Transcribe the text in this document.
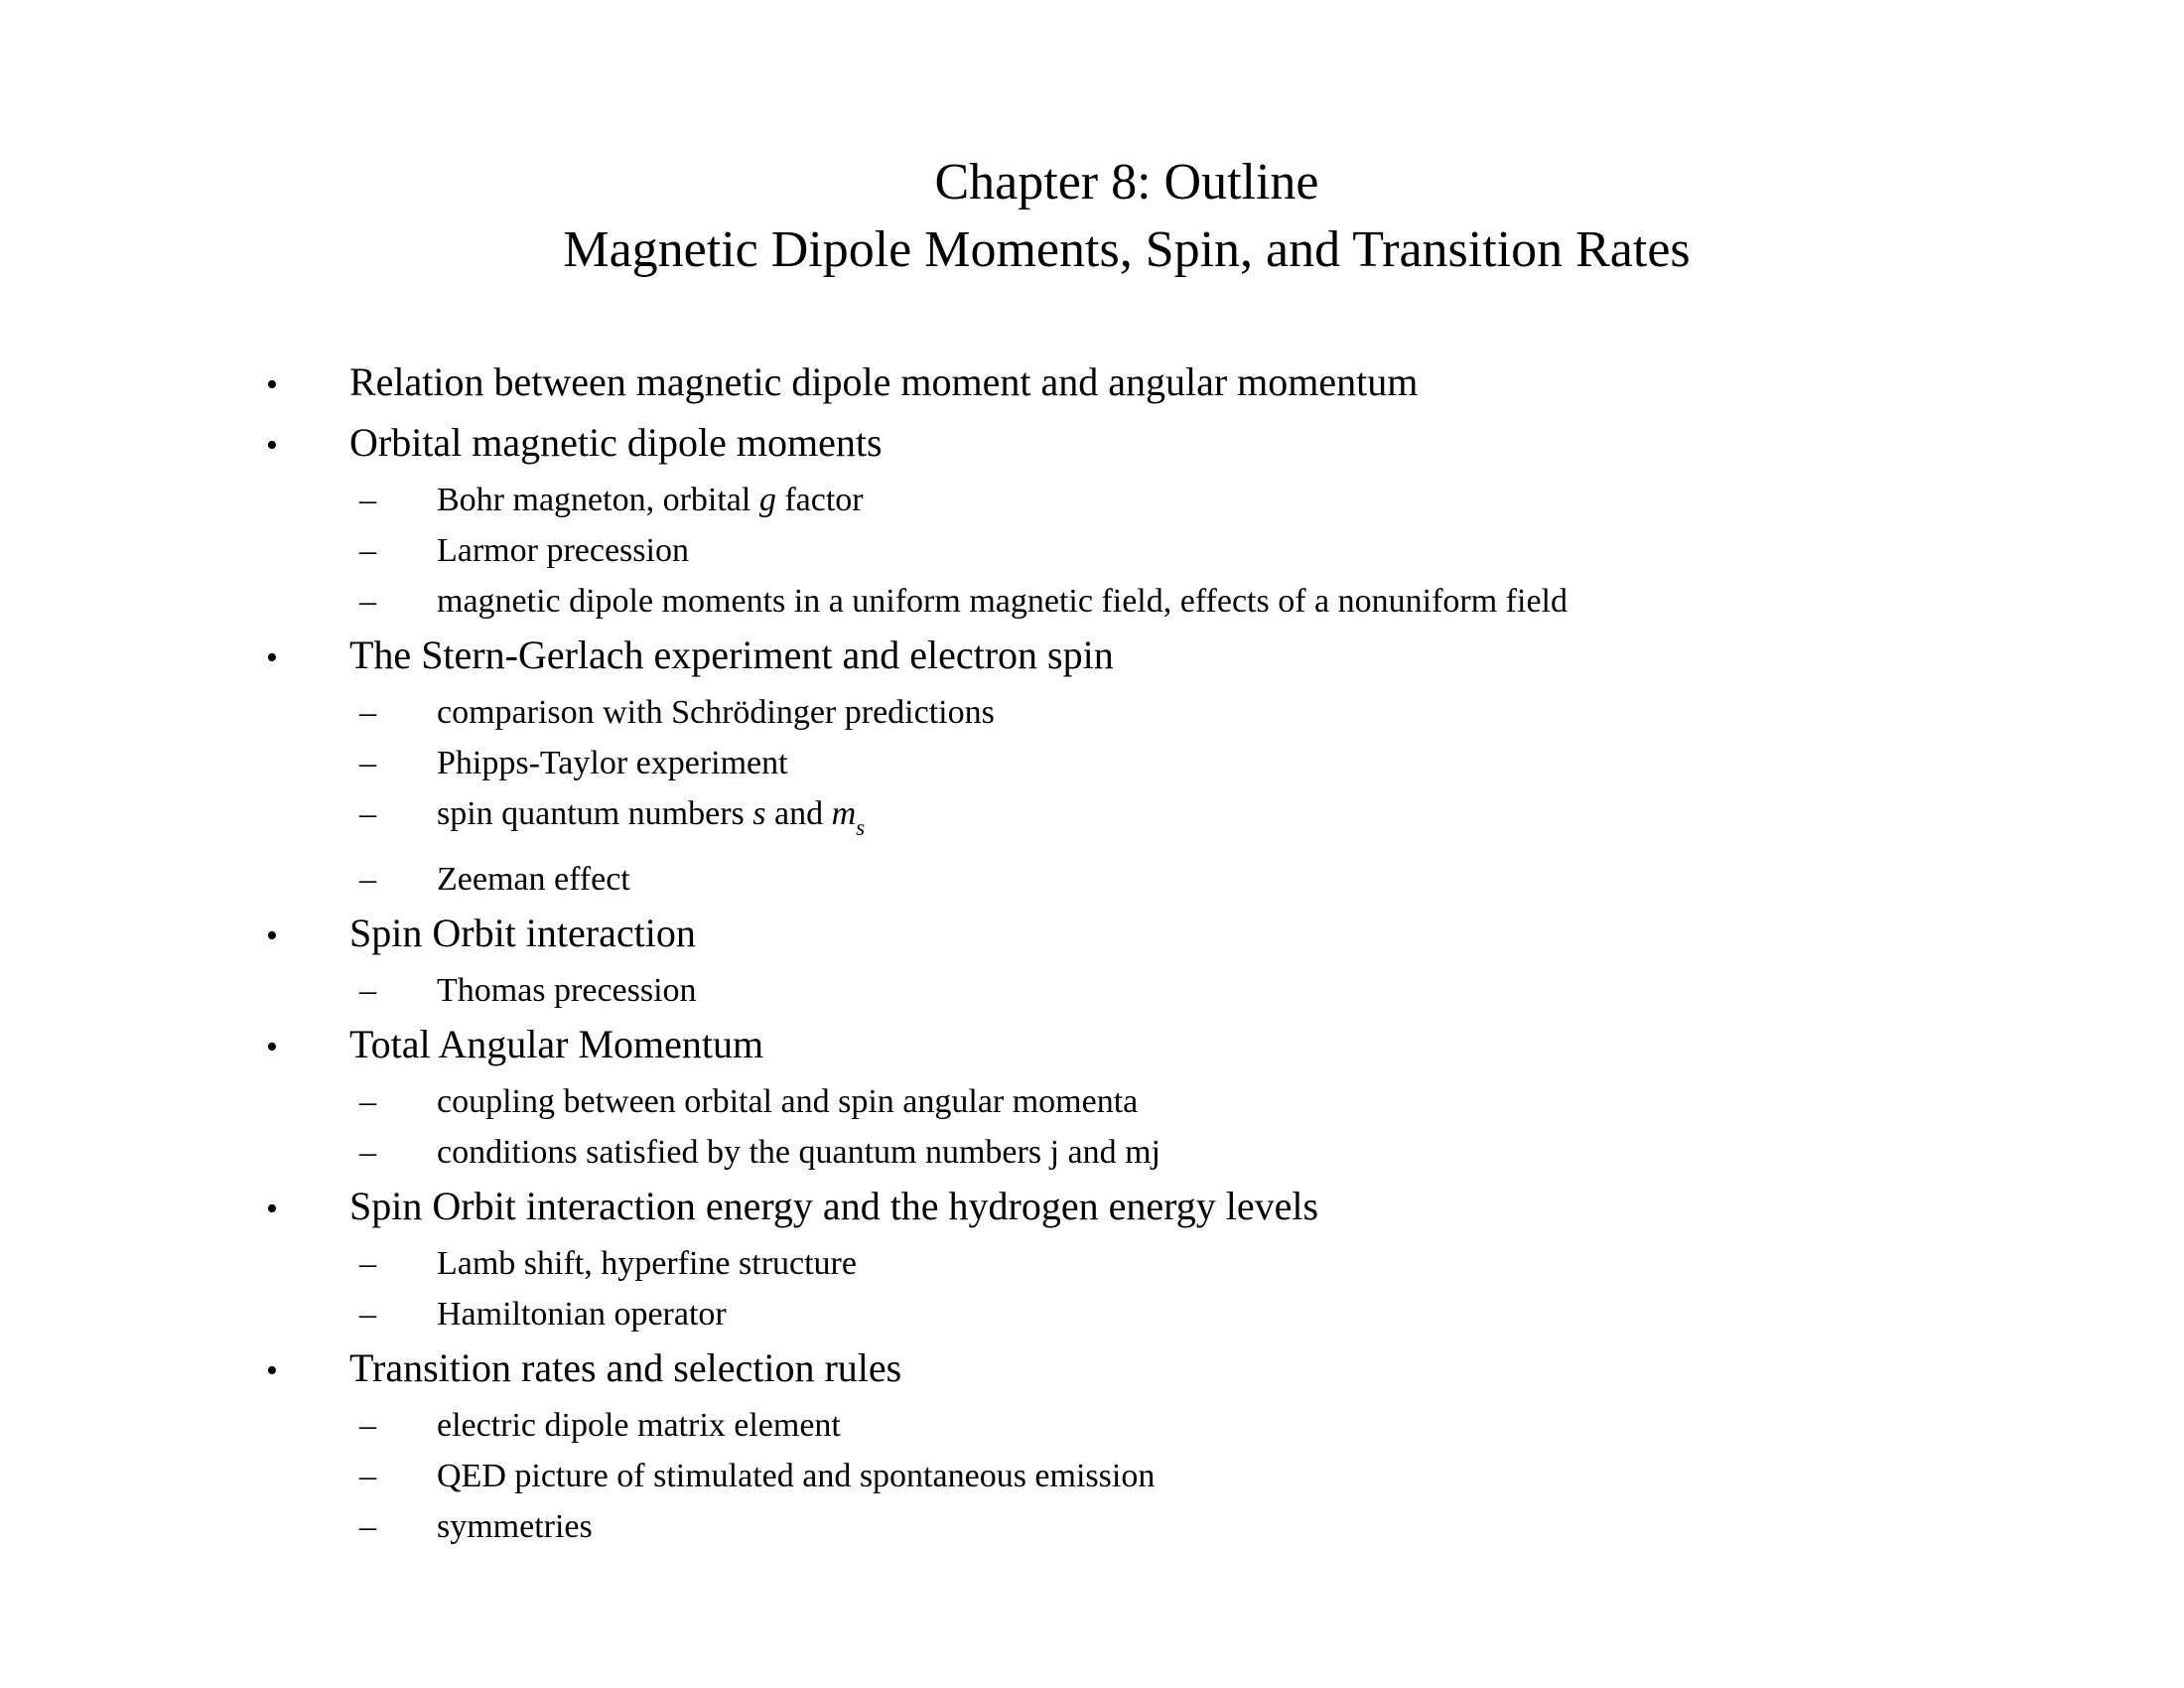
Chapter 8: Outline
Magnetic Dipole Moments, Spin, and Transition Rates
•	Relation between magnetic dipole moment and angular momentum
•	Orbital magnetic dipole moments
–	Bohr magneton, orbital g factor
–	Larmor precession
–	magnetic dipole moments in a uniform magnetic field, effects of a nonuniform field
•	The Stern-Gerlach experiment and electron spin
–	comparison with Schrödinger predictions
–	Phipps-Taylor experiment
–	spin quantum numbers s and $m_s$
–	Zeeman effect
•	Spin Orbit interaction
–	Thomas precession
•	Total Angular Momentum
–	coupling between orbital and spin angular momenta
–	conditions satisfied by the quantum numbers j and mj
•	Spin Orbit interaction energy and the hydrogen energy levels
–	Lamb shift, hyperfine structure
–	Hamiltonian operator
•	Transition rates and selection rules
–	electric dipole matrix element
–	QED picture of stimulated and spontaneous emission
–	symmetries
